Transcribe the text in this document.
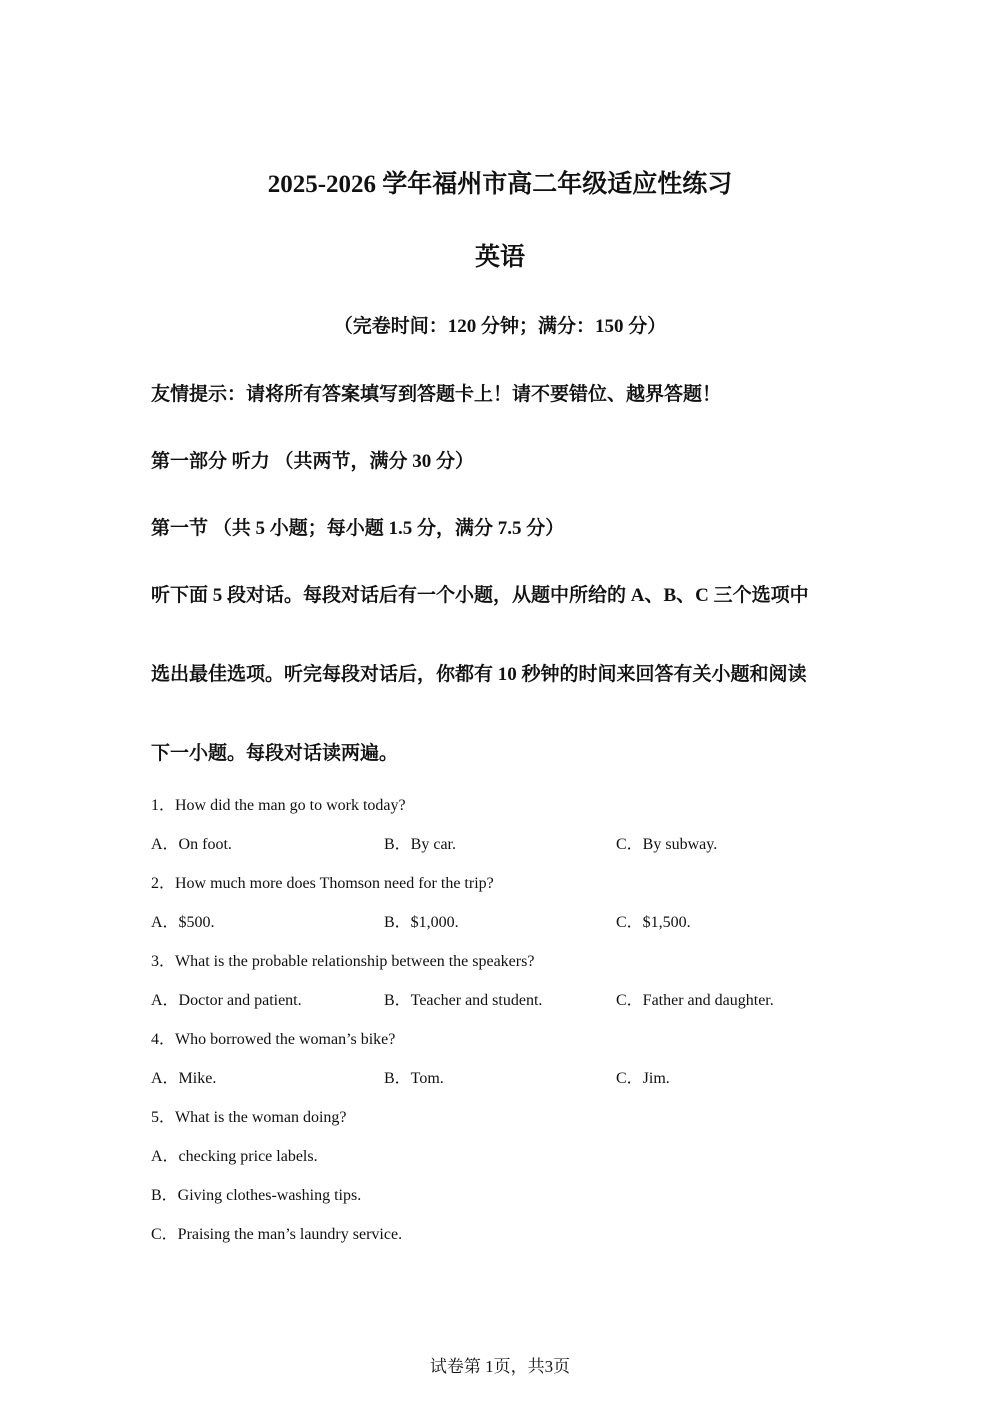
2025-2026 学年福州市高二年级适应性练习
英语
（完卷时间：120 分钟；满分：150 分）
友情提示：请将所有答案填写到答题卡上！请不要错位、越界答题！
第一部分 听力 （共两节，满分 30 分）
第一节 （共 5 小题；每小题 1.5 分，满分 7.5 分）
听下面 5 段对话。每段对话后有一个小题，从题中所给的 A、B、C 三个选项中
选出最佳选项。听完每段对话后，你都有 10 秒钟的时间来回答有关小题和阅读
下一小题。每段对话读两遍。
1．How did the man go to work today?
A．On foot.	B．By car.	C．By subway.
2．How much more does Thomson need for the trip?
A．$500.	B．$1,000.	C．$1,500.
3．What is the probable relationship between the speakers?
A．Doctor and patient.	B．Teacher and student.	C．Father and daughter.
4．Who borrowed the woman’s bike?
A．Mike.	B．Tom.	C．Jim.
5．What is the woman doing?
A．checking price labels.
B．Giving clothes-washing tips.
C．Praising the man’s laundry service.
试卷第 1页，共3页
